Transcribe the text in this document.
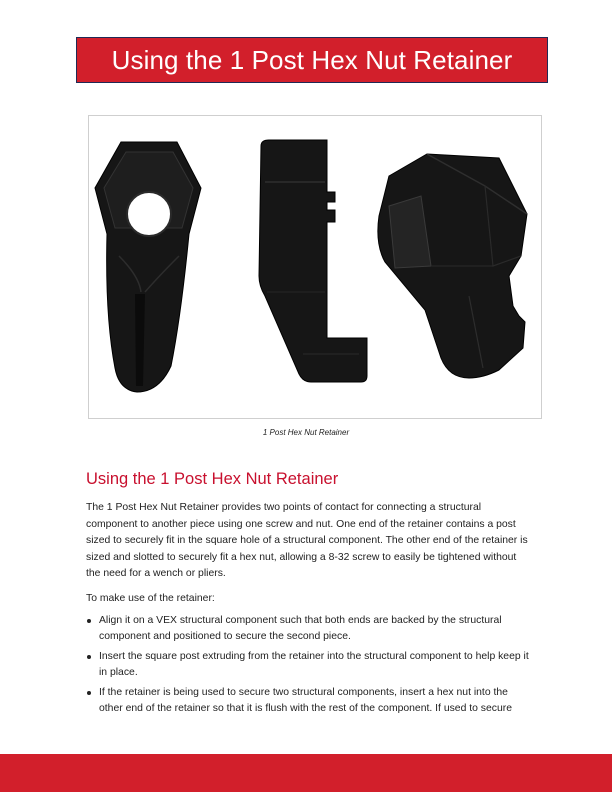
Using the 1 Post Hex Nut Retainer
1 Post Hex Nut Retainer
Using the 1 Post Hex Nut Retainer

The 1 Post Hex Nut Retainer provides two points of contact for connecting a structural component to another piece using one screw and nut. One end of the retainer contains a post sized to securely fit in the square hole of a structural component. The other end of the retainer is sized and slotted to securely fit a hex nut, allowing a 8-32 screw to easily be tightened without the need for a wench or pliers.

To make use of the retainer:

Align it on a VEX structural component such that both ends are backed by the structural component and positioned to secure the second piece.
Insert the square post extruding from the retainer into the structural component to help keep it in place.
If the retainer is being used to secure two structural components, insert a hex nut into the other end of the retainer so that it is flush with the rest of the component. If used to secure
